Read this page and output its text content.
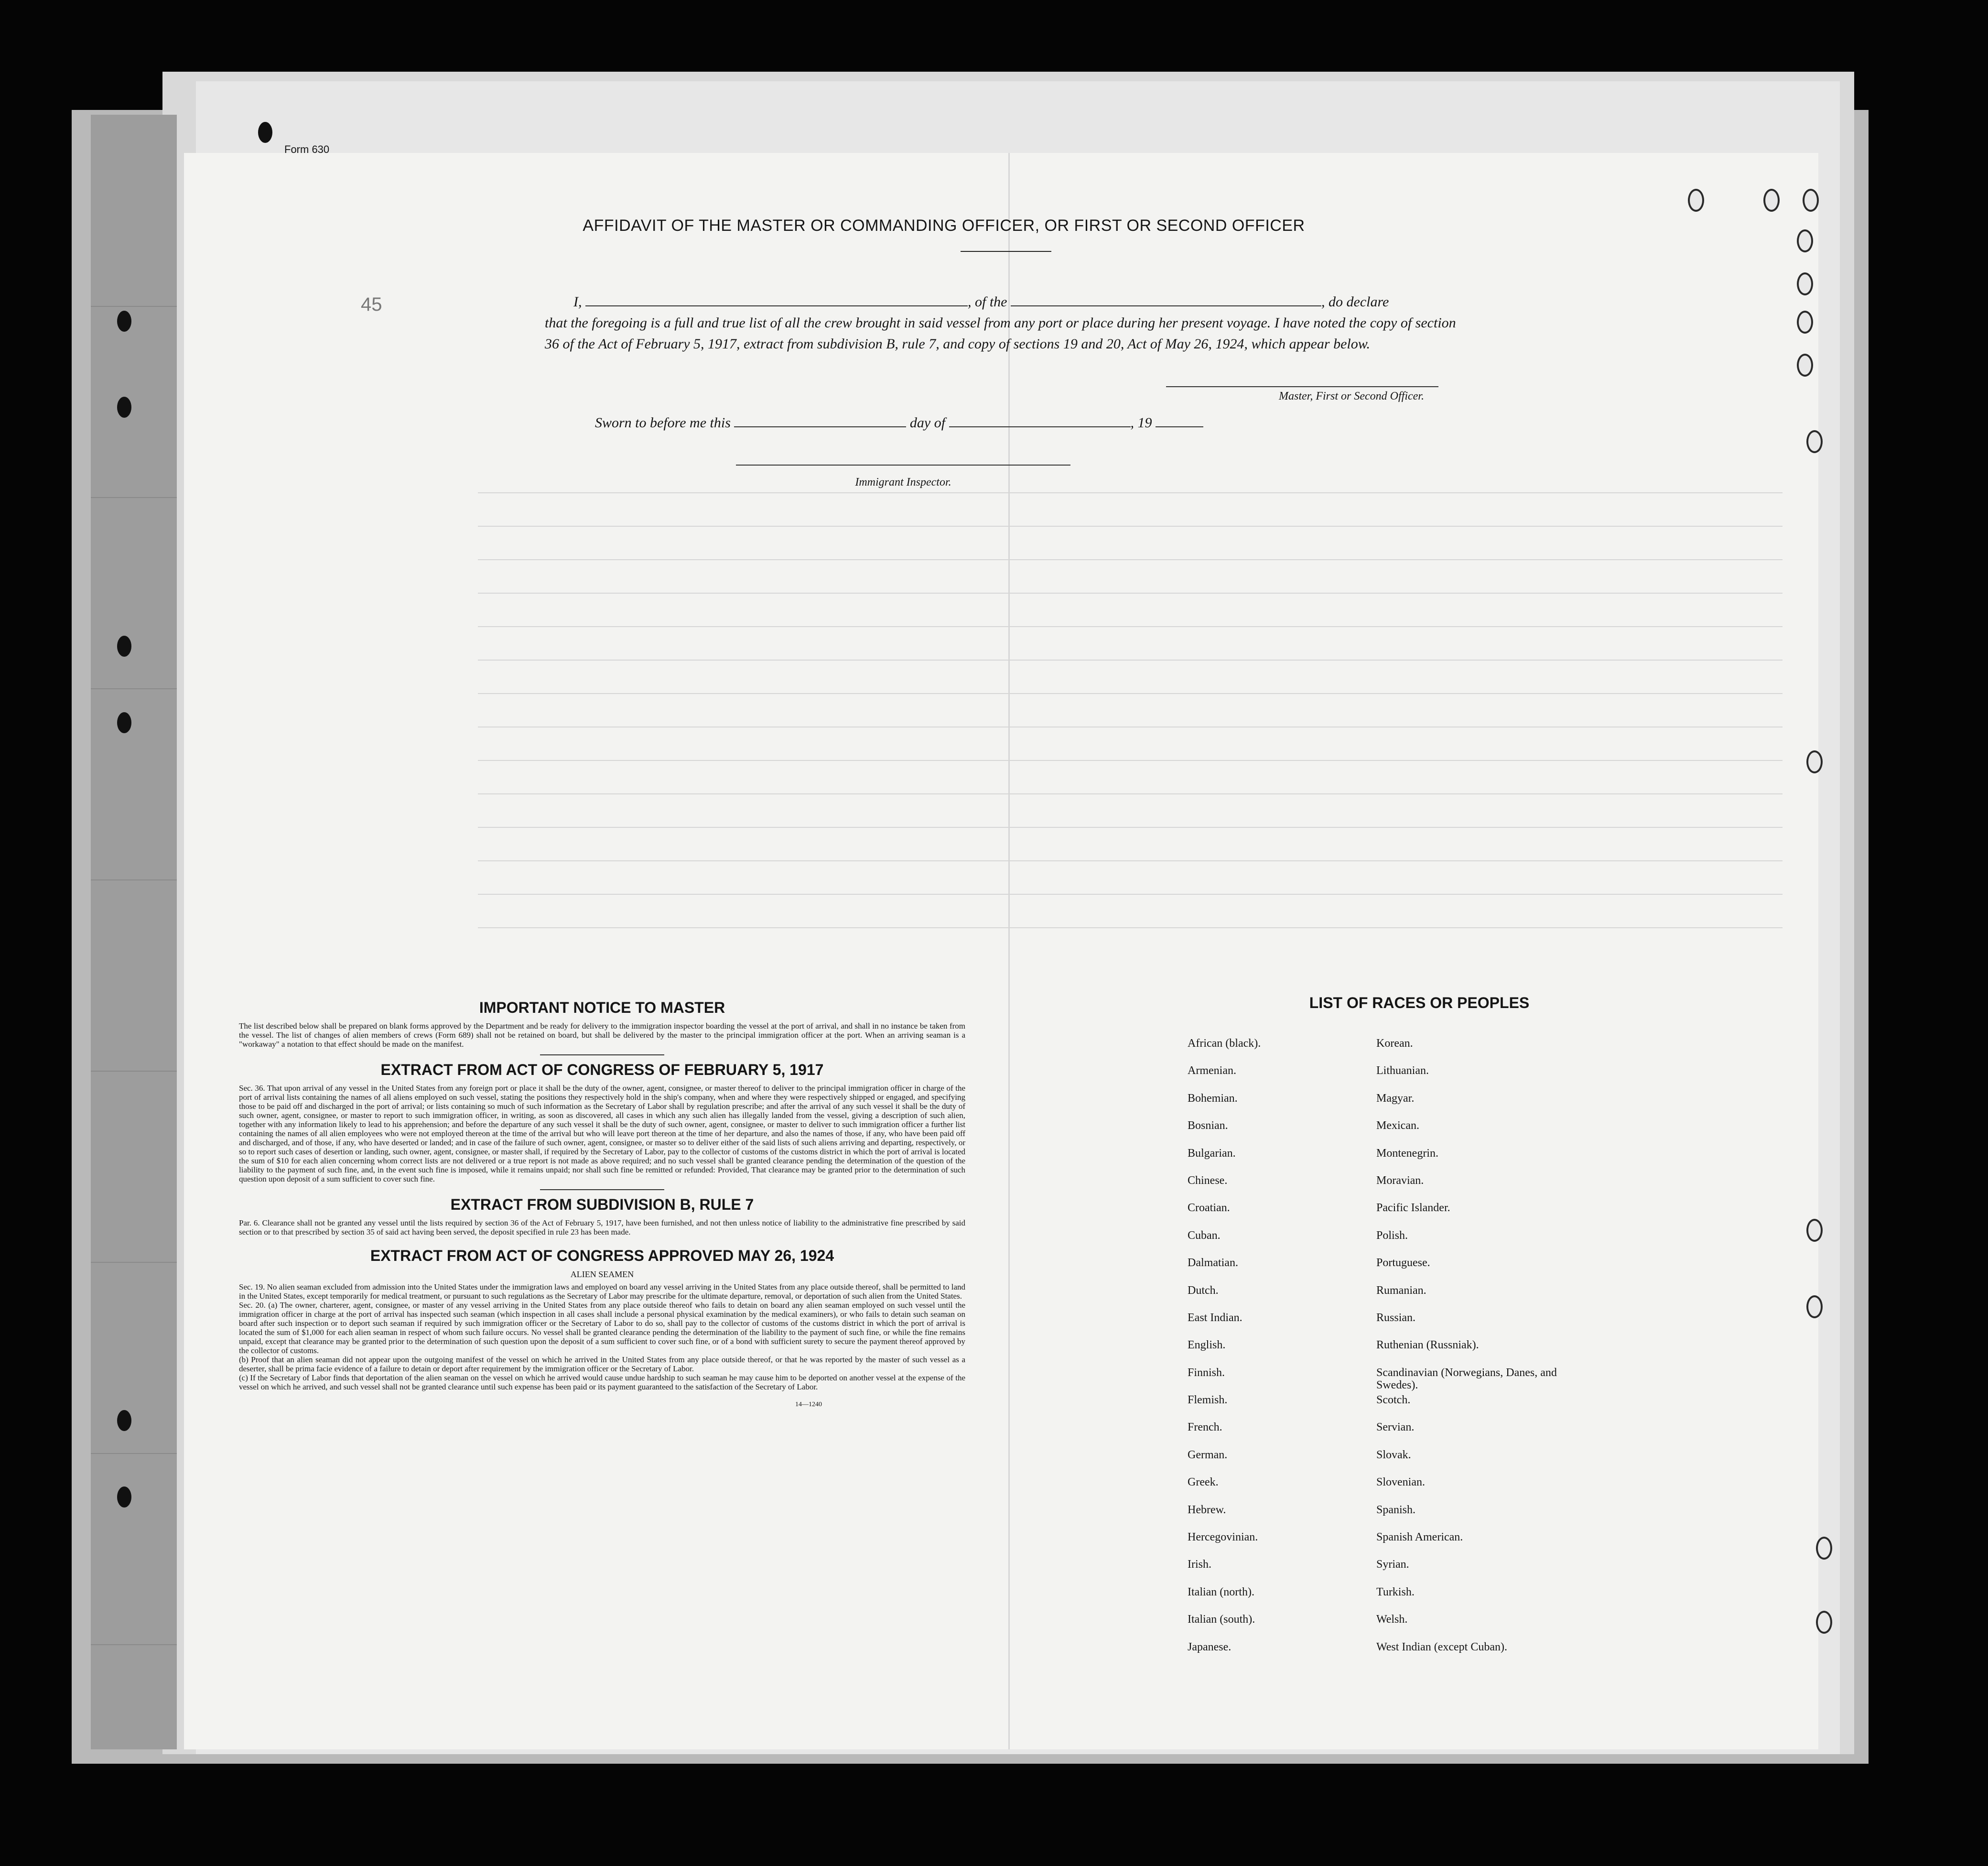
Form 630
45
AFFIDAVIT OF THE MASTER OR COMMANDING OFFICER, OR FIRST OR SECOND OFFICER
I,	, of the	, do declare
that the foregoing is a full and true list of all the crew brought in said vessel from any port or place during her present voyage. I have noted the copy of section 36 of the Act of February 5, 1917, extract from subdivision B, rule 7, and copy of sections 19 and 20, Act of May 26, 1924, which appear below.
Master, First or Second Officer.
Sworn to before me this	day of	, 19
Immigrant Inspector.
IMPORTANT NOTICE TO MASTER
The list described below shall be prepared on blank forms approved by the Department and be ready for delivery to the immigration inspector boarding the vessel at the port of arrival, and shall in no instance be taken from the vessel. The list of changes of alien members of crews (Form 689) shall not be retained on board, but shall be delivered by the master to the principal immigration officer at the port. When an arriving seaman is a "workaway" a notation to that effect should be made on the manifest.
EXTRACT FROM ACT OF CONGRESS OF FEBRUARY 5, 1917
Sec. 36. That upon arrival of any vessel in the United States from any foreign port or place it shall be the duty of the owner, agent, consignee, or master thereof to deliver to the principal immigration officer in charge of the port of arrival lists containing the names of all aliens employed on such vessel, stating the positions they respectively hold in the ship's company, when and where they were respectively shipped or engaged, and specifying those to be paid off and discharged in the port of arrival; or lists containing so much of such information as the Secretary of Labor shall by regulation prescribe; and after the arrival of any such vessel it shall be the duty of such owner, agent, consignee, or master to report to such immigration officer, in writing, as soon as discovered, all cases in which any such alien has illegally landed from the vessel, giving a description of such alien, together with any information likely to lead to his apprehension; and before the departure of any such vessel it shall be the duty of such owner, agent, consignee, or master to deliver to such immigration officer a further list containing the names of all alien employees who were not employed thereon at the time of the arrival but who will leave port thereon at the time of her departure, and also the names of those, if any, who have been paid off and discharged, and of those, if any, who have deserted or landed; and in case of the failure of such owner, agent, consignee, or master so to deliver either of the said lists of such aliens arriving and departing, respectively, or so to report such cases of desertion or landing, such owner, agent, consignee, or master shall, if required by the Secretary of Labor, pay to the collector of customs of the customs district in which the port of arrival is located the sum of $10 for each alien concerning whom correct lists are not delivered or a true report is not made as above required; and no such vessel shall be granted clearance pending the determination of the question of the liability to the payment of such fine, and, in the event such fine is imposed, while it remains unpaid; nor shall such fine be remitted or refunded: Provided, That clearance may be granted prior to the determination of such question upon deposit of a sum sufficient to cover such fine.
EXTRACT FROM SUBDIVISION B, RULE 7
Par. 6. Clearance shall not be granted any vessel until the lists required by section 36 of the Act of February 5, 1917, have been furnished, and not then unless notice of liability to the administrative fine prescribed by said section or to that prescribed by section 35 of said act having been served, the deposit specified in rule 23 has been made.
EXTRACT FROM ACT OF CONGRESS APPROVED MAY 26, 1924
ALIEN SEAMEN
Sec. 19. No alien seaman excluded from admission into the United States under the immigration laws and employed on board any vessel arriving in the United States from any place outside thereof, shall be permitted to land in the United States, except temporarily for medical treatment, or pursuant to such regulations as the Secretary of Labor may prescribe for the ultimate departure, removal, or deportation of such alien from the United States.
Sec. 20. (a) The owner, charterer, agent, consignee, or master of any vessel arriving in the United States from any place outside thereof who fails to detain on board any alien seaman employed on such vessel until the immigration officer in charge at the port of arrival has inspected such seaman (which inspection in all cases shall include a personal physical examination by the medical examiners), or who fails to detain such seaman on board after such inspection or to deport such seaman if required by such immigration officer or the Secretary of Labor to do so, shall pay to the collector of customs of the customs district in which the port of arrival is located the sum of $1,000 for each alien seaman in respect of whom such failure occurs. No vessel shall be granted clearance pending the determination of the liability to the payment of such fine, or while the fine remains unpaid, except that clearance may be granted prior to the determination of such question upon the deposit of a sum sufficient to cover such fine, or of a bond with sufficient surety to secure the payment thereof approved by the collector of customs.
(b) Proof that an alien seaman did not appear upon the outgoing manifest of the vessel on which he arrived in the United States from any place outside thereof, or that he was reported by the master of such vessel as a deserter, shall be prima facie evidence of a failure to detain or deport after requirement by the immigration officer or the Secretary of Labor.
(c) If the Secretary of Labor finds that deportation of the alien seaman on the vessel on which he arrived would cause undue hardship to such seaman he may cause him to be deported on another vessel at the expense of the vessel on which he arrived, and such vessel shall not be granted clearance until such expense has been paid or its payment guaranteed to the satisfaction of the Secretary of Labor.
14—1240
LIST OF RACES OR PEOPLES
African (black).	Korean.
Armenian.	Lithuanian.
Bohemian.	Magyar.
Bosnian.	Mexican.
Bulgarian.	Montenegrin.
Chinese.	Moravian.
Croatian.	Pacific Islander.
Cuban.	Polish.
Dalmatian.	Portuguese.
Dutch.	Rumanian.
East Indian.	Russian.
English.	Ruthenian (Russniak).
Finnish.	Scandinavian (Norwegians, Danes, and Swedes).
Flemish.	Scotch.
French.	Servian.
German.	Slovak.
Greek.	Slovenian.
Hebrew.	Spanish.
Hercegovinian.	Spanish American.
Irish.	Syrian.
Italian (north).	Turkish.
Italian (south).	Welsh.
Japanese.	West Indian (except Cuban).
